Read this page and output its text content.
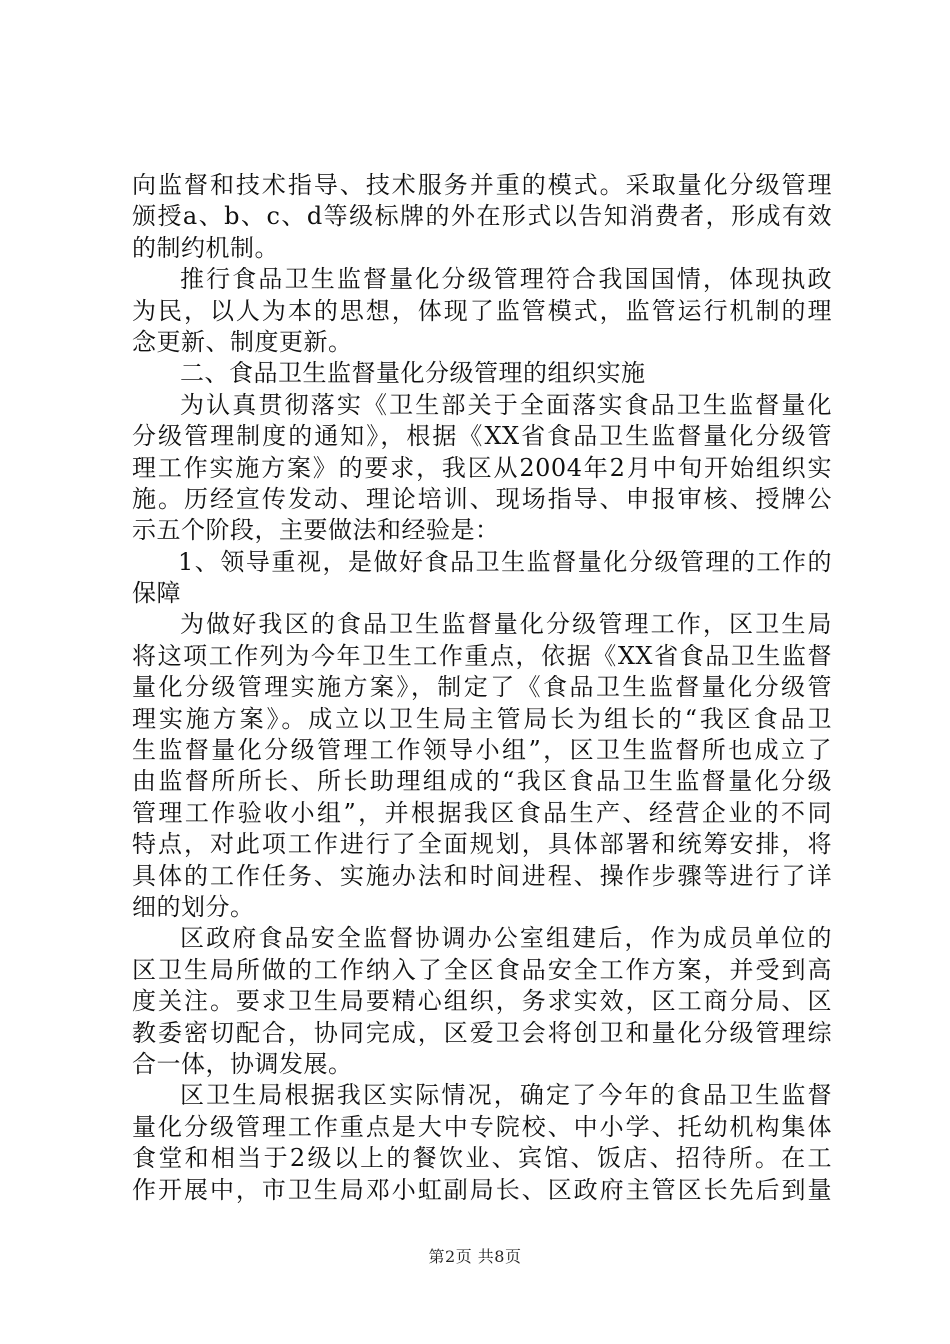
向监督和技术指导、技术服务并重的模式。采取量化分级管理
颁授a、b、c、d等级标牌的外在形式以告知消费者，形成有效
的制约机制。
推行食品卫生监督量化分级管理符合我国国情，体现执政
为民，以人为本的思想，体现了监管模式，监管运行机制的理
念更新、制度更新。
二、食品卫生监督量化分级管理的组织实施
为认真贯彻落实《卫生部关于全面落实食品卫生监督量化
分级管理制度的通知》，根据《XX省食品卫生监督量化分级管
理工作实施方案》的要求，我区从2004年2月中旬开始组织实
施。历经宣传发动、理论培训、现场指导、申报审核、授牌公
示五个阶段，主要做法和经验是：
1、领导重视，是做好食品卫生监督量化分级管理的工作的
保障
为做好我区的食品卫生监督量化分级管理工作，区卫生局
将这项工作列为今年卫生工作重点，依据《XX省食品卫生监督
量化分级管理实施方案》，制定了《食品卫生监督量化分级管
理实施方案》。成立以卫生局主管局长为组长的“我区食品卫
生监督量化分级管理工作领导小组”，区卫生监督所也成立了
由监督所所长、所长助理组成的“我区食品卫生监督量化分级
管理工作验收小组”，并根据我区食品生产、经营企业的不同
特点，对此项工作进行了全面规划，具体部署和统筹安排，将
具体的工作任务、实施办法和时间进程、操作步骤等进行了详
细的划分。
区政府食品安全监督协调办公室组建后，作为成员单位的
区卫生局所做的工作纳入了全区食品安全工作方案，并受到高
度关注。要求卫生局要精心组织，务求实效，区工商分局、区
教委密切配合，协同完成，区爱卫会将创卫和量化分级管理综
合一体，协调发展。
区卫生局根据我区实际情况，确定了今年的食品卫生监督
量化分级管理工作重点是大中专院校、中小学、托幼机构集体
食堂和相当于2级以上的餐饮业、宾馆、饭店、招待所。在工
作开展中，市卫生局邓小虹副局长、区政府主管区长先后到量
第2页 共8页
